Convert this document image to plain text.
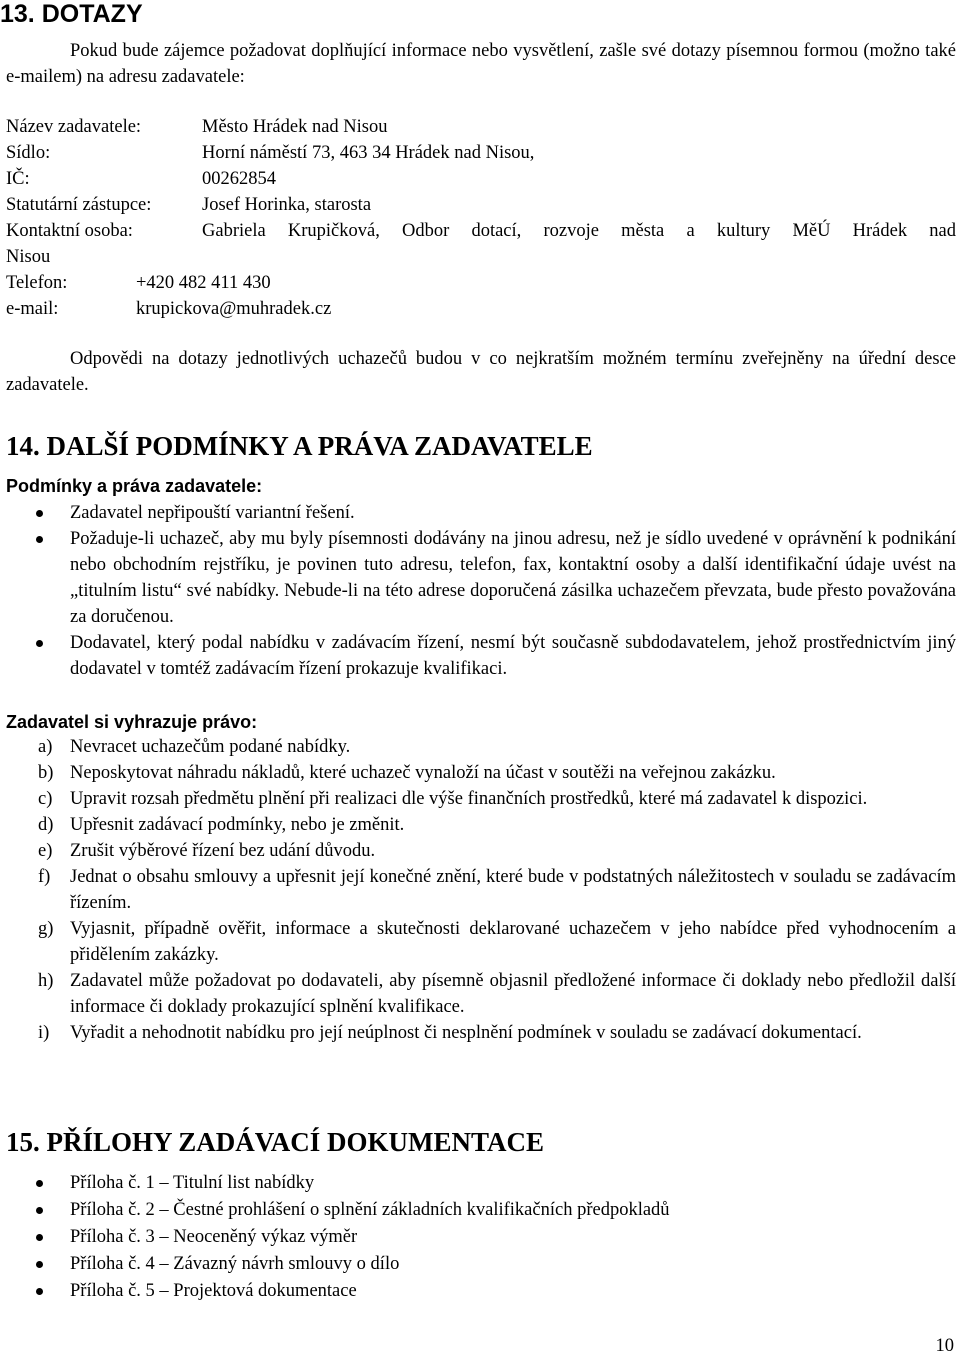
13. DOTAZY

Pokud bude zájemce požadovat doplňující informace nebo vysvětlení, zašle své dotazy písemnou formou (možno také e-mailem) na adresu zadavatele:

Název zadavatele:	Město Hrádek nad Nisou
Sídlo:	Horní náměstí 73, 463 34 Hrádek nad Nisou,
IČ:	00262854
Statutární zástupce:	Josef Horinka, starosta
Kontaktní osoba:	Gabriela Krupičková, Odbor dotací, rozvoje města a kultury MěÚ Hrádek nad
Nisou
Telefon:	+420 482 411 430
e-mail:	krupickova@muhradek.cz

Odpovědi na dotazy jednotlivých uchazečů budou v co nejkratším možném termínu zveřejněny na úřední desce zadavatele.

14. DALŠÍ PODMÍNKY A PRÁVA ZADAVATELE

Podmínky a práva zadavatele:

Zadavatel nepřipouští variantní řešení.
Požaduje-li uchazeč, aby mu byly písemnosti dodávány na jinou adresu, než je sídlo uvedené v oprávnění k podnikání nebo obchodním rejstříku, je povinen tuto adresu, telefon, fax, kontaktní osoby a další identifikační údaje uvést na „titulním listu“ své nabídky. Nebude-li na této adrese doporučená zásilka uchazečem převzata, bude přesto považována za doručenou.
Dodavatel, který podal nabídku v zadávacím řízení, nesmí být současně subdodavatelem, jehož prostřednictvím jiný dodavatel v tomtéž zadávacím řízení prokazuje kvalifikaci.

Zadavatel si vyhrazuje právo:

a) Nevracet uchazečům podané nabídky.
b) Neposkytovat náhradu nákladů, které uchazeč vynaloží na účast v soutěži na veřejnou zakázku.
c) Upravit rozsah předmětu plnění při realizaci dle výše finančních prostředků, které má zadavatel k dispozici.
d) Upřesnit zadávací podmínky, nebo je změnit.
e) Zrušit výběrové řízení bez udání důvodu.
f) Jednat o obsahu smlouvy a upřesnit její konečné znění, které bude v podstatných náležitostech v souladu se zadávacím řízením.
g) Vyjasnit, případně ověřit, informace a skutečnosti deklarované uchazečem v jeho nabídce před vyhodnocením a přidělením zakázky.
h) Zadavatel může požadovat po dodavateli, aby písemně objasnil předložené informace či doklady nebo předložil další informace či doklady prokazující splnění kvalifikace.
i) Vyřadit a nehodnotit nabídku pro její neúplnost či nesplnění podmínek v souladu se zadávací dokumentací.
15. PŘÍLOHY ZADÁVACÍ DOKUMENTACE
Příloha č. 1 – Titulní list nabídky
Příloha č. 2 – Čestné prohlášení o splnění základních kvalifikačních předpokladů
Příloha č. 3 – Neoceněný výkaz výměr
Příloha č. 4 – Závazný návrh smlouvy o dílo
Příloha č. 5 – Projektová dokumentace
10
